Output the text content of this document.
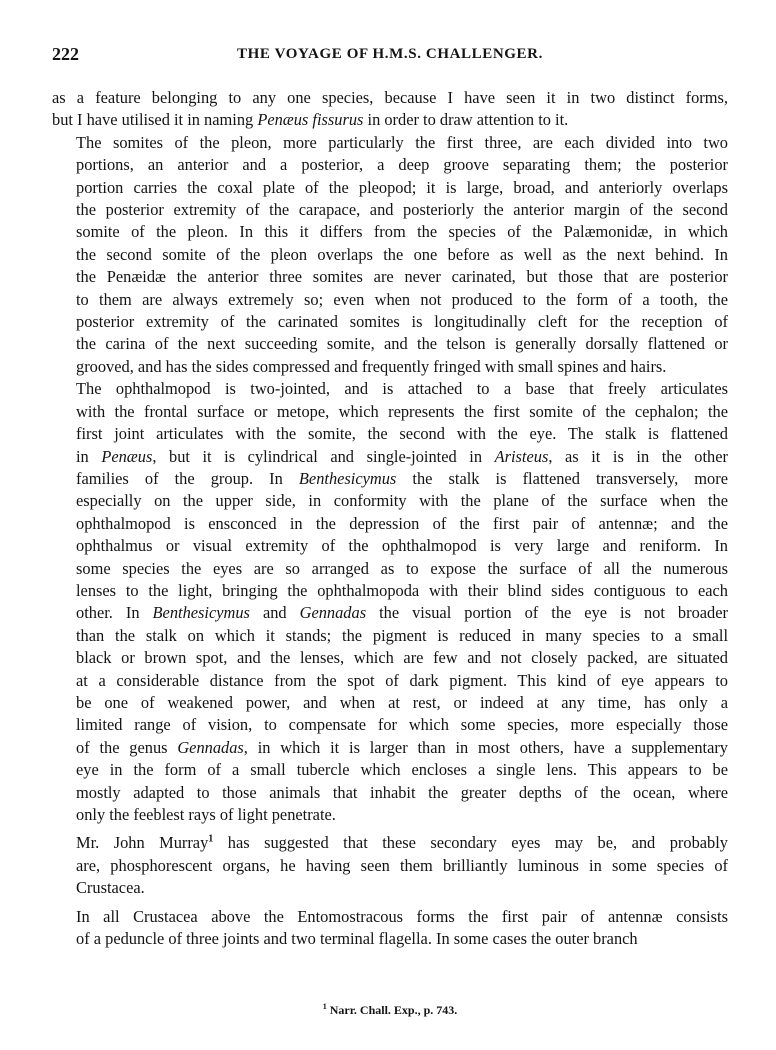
222	THE VOYAGE OF H.M.S. CHALLENGER.
as a feature belonging to any one species, because I have seen it in two distinct forms,
but I have utilised it in naming Penæus fissurus in order to draw attention to it.
The somites of the pleon, more particularly the first three, are each divided into two
portions, an anterior and a posterior, a deep groove separating them; the posterior
portion carries the coxal plate of the pleopod; it is large, broad, and anteriorly overlaps
the posterior extremity of the carapace, and posteriorly the anterior margin of the second
somite of the pleon. In this it differs from the species of the Palæmonidæ, in which
the second somite of the pleon overlaps the one before as well as the next behind. In
the Penæidæ the anterior three somites are never carinated, but those that are posterior
to them are always extremely so; even when not produced to the form of a tooth, the
posterior extremity of the carinated somites is longitudinally cleft for the reception of
the carina of the next succeeding somite, and the telson is generally dorsally flattened or
grooved, and has the sides compressed and frequently fringed with small spines and hairs.
The ophthalmopod is two-jointed, and is attached to a base that freely articulates
with the frontal surface or metope, which represents the first somite of the cephalon; the
first joint articulates with the somite, the second with the eye. The stalk is flattened
in Penæus, but it is cylindrical and single-jointed in Aristeus, as it is in the other
families of the group. In Benthesicymus the stalk is flattened transversely, more
especially on the upper side, in conformity with the plane of the surface when the
ophthalmopod is ensconced in the depression of the first pair of antennæ; and the
ophthalmus or visual extremity of the ophthalmopod is very large and reniform. In
some species the eyes are so arranged as to expose the surface of all the numerous
lenses to the light, bringing the ophthalmopoda with their blind sides contiguous to each
other. In Benthesicymus and Gennadas the visual portion of the eye is not broader
than the stalk on which it stands; the pigment is reduced in many species to a small
black or brown spot, and the lenses, which are few and not closely packed, are situated
at a considerable distance from the spot of dark pigment. This kind of eye appears to
be one of weakened power, and when at rest, or indeed at any time, has only a
limited range of vision, to compensate for which some species, more especially those
of the genus Gennadas, in which it is larger than in most others, have a supplementary
eye in the form of a small tubercle which encloses a single lens. This appears to be
mostly adapted to those animals that inhabit the greater depths of the ocean, where
only the feeblest rays of light penetrate.
Mr. John Murray$^1$ has suggested that these secondary eyes may be, and probably
are, phosphorescent organs, he having seen them brilliantly luminous in some species of
Crustacea.
In all Crustacea above the Entomostracous forms the first pair of antennæ consists
of a peduncle of three joints and two terminal flagella. In some cases the outer branch
$^1$ Narr. Chall. Exp., p. 743.
